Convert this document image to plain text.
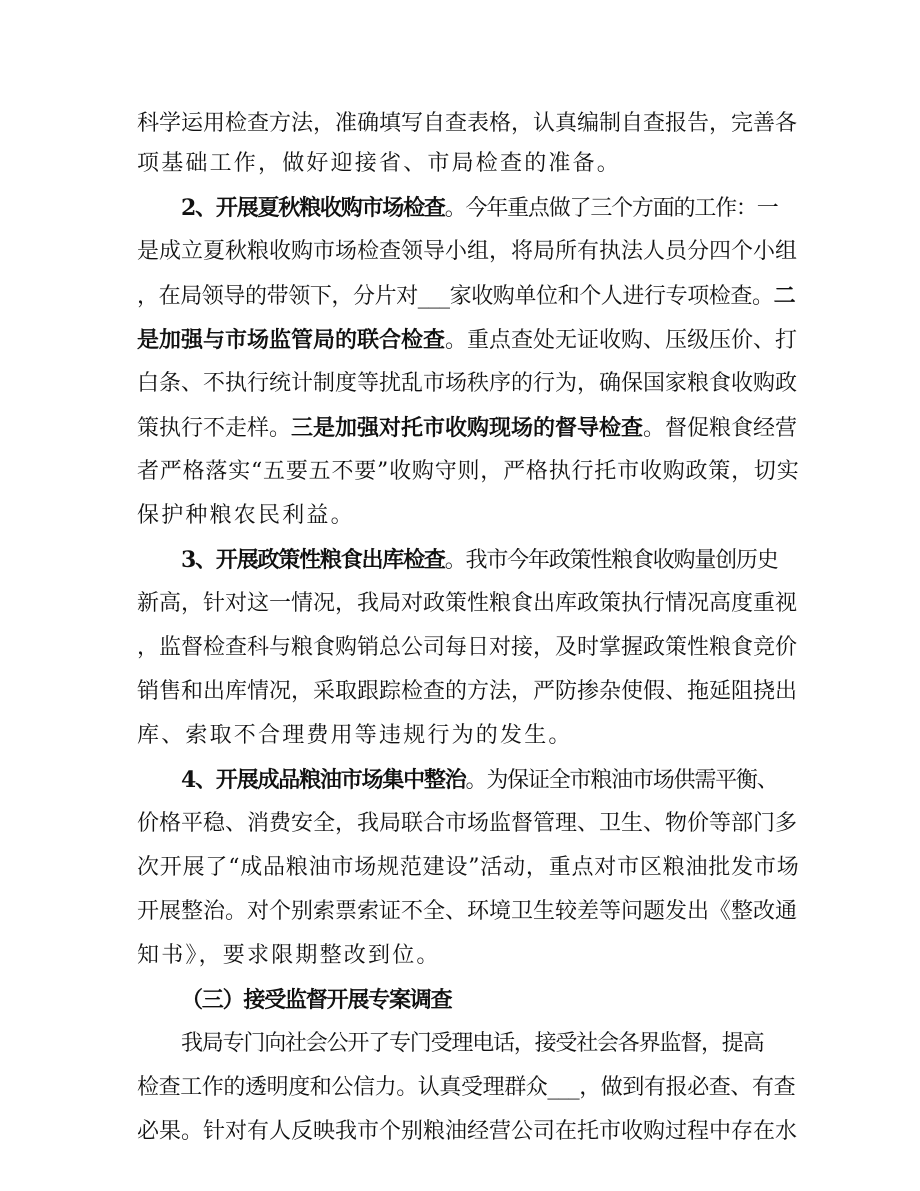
科学运用检查方法，准确填写自查表格，认真编制自查报告，完善各
项基础工作，做好迎接省、市局检查的准备。
2、开展夏秋粮收购市场检查。今年重点做了三个方面的工作：一
是成立夏秋粮收购市场检查领导小组，将局所有执法人员分四个小组
，在局领导的带领下，分片对___家收购单位和个人进行专项检查。二
是加强与市场监管局的联合检查。重点查处无证收购、压级压价、打
白条、不执行统计制度等扰乱市场秩序的行为，确保国家粮食收购政
策执行不走样。三是加强对托市收购现场的督导检查。督促粮食经营
者严格落实“五要五不要”收购守则，严格执行托市收购政策，切实
保护种粮农民利益。
3、开展政策性粮食出库检查。我市今年政策性粮食收购量创历史
新高，针对这一情况，我局对政策性粮食出库政策执行情况高度重视
，监督检查科与粮食购销总公司每日对接，及时掌握政策性粮食竞价
销售和出库情况，采取跟踪检查的方法，严防掺杂使假、拖延阻挠出
库、索取不合理费用等违规行为的发生。
4、开展成品粮油市场集中整治。为保证全市粮油市场供需平衡、
价格平稳、消费安全，我局联合市场监督管理、卫生、物价等部门多
次开展了“成品粮油市场规范建设”活动，重点对市区粮油批发市场
开展整治。对个别索票索证不全、环境卫生较差等问题发出《整改通
知书》，要求限期整改到位。
（三）接受监督开展专案调查
我局专门向社会公开了专门受理电话，接受社会各界监督，提高
检查工作的透明度和公信力。认真受理群众___，做到有报必查、有查
必果。针对有人反映我市个别粮油经营公司在托市收购过程中存在水
